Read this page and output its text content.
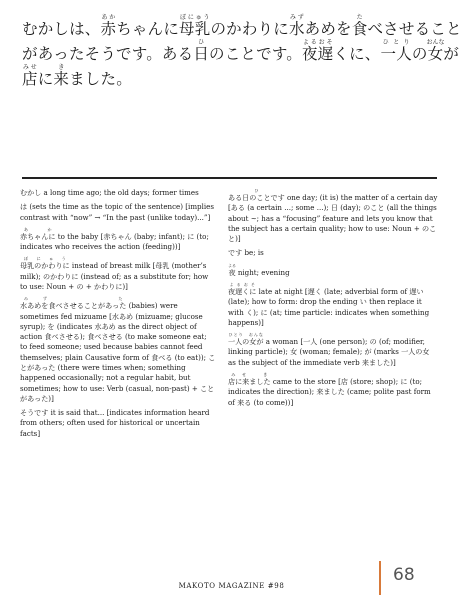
むかしは、赤あかちゃんに母乳ぼにゅうのかわりに水みずあめを食たべさせること

があったそうです。ある日ひのことです。夜遅よるおそくに、一人ひとりの女おんなが

店みせに来きました。

むかし a long time ago; the old days; former times

は (sets the time as the topic of the sentence) [implies contrast with “now” → “In the past (unlike today)...”]

赤ちゃんにあか to the baby [赤ちゃん (baby; infant); に (to; indicates who receives the action (feeding))]

母乳のかわりにぼにゅう instead of breast milk [母乳 (mother’s milk); のかわりに (instead of; as a substitute for; how to use: Noun + の + かわりに)]

水あめを食べさせることがあったみず　　　た (babies) were sometimes fed mizuame [水あめ (mizuame; glucose syrup); を (indicates 水あめ as the direct object of action 食べさせる); 食べさせる (to make someone eat; to feed someone; used because babies cannot feed themselves; plain Causative form of 食べる (to eat)); ことがあった (there were times when; something happened occasionally; not a regular habit, but sometimes; how to use: Verb (casual, non-past) + ことがあった)]

そうです it is said that... [indicates information heard from others; often used for historical or uncertain facts]

ある日のことですひ one day; (it is) the matter of a certain day [ある (a certain ...; some ...); 日 (day); のこと (all the things about ~; has a “focusing” feature and lets you know that the subject has a certain quality; how to use: Noun + のこと)]

です be; is

夜よる night; evening

夜遅くによるおそ late at night [遅く (late; adverbial form of 遅い (late); how to form: drop the ending い then replace it with く); に (at; time particle: indicates when something happens)]

一人の女がひとり　おんな a woman [一人 (one person); の (of; modifier, linking particle); 女 (woman; female); が (marks 一人の女 as the subject of the immediate verb 来ました)]

店に来ましたみせ　き came to the store [店 (store; shop); に (to; indicates the direction); 来ました (came; polite past form of 来る (to come))]

68
MAKOTO MAGAZINE #98
